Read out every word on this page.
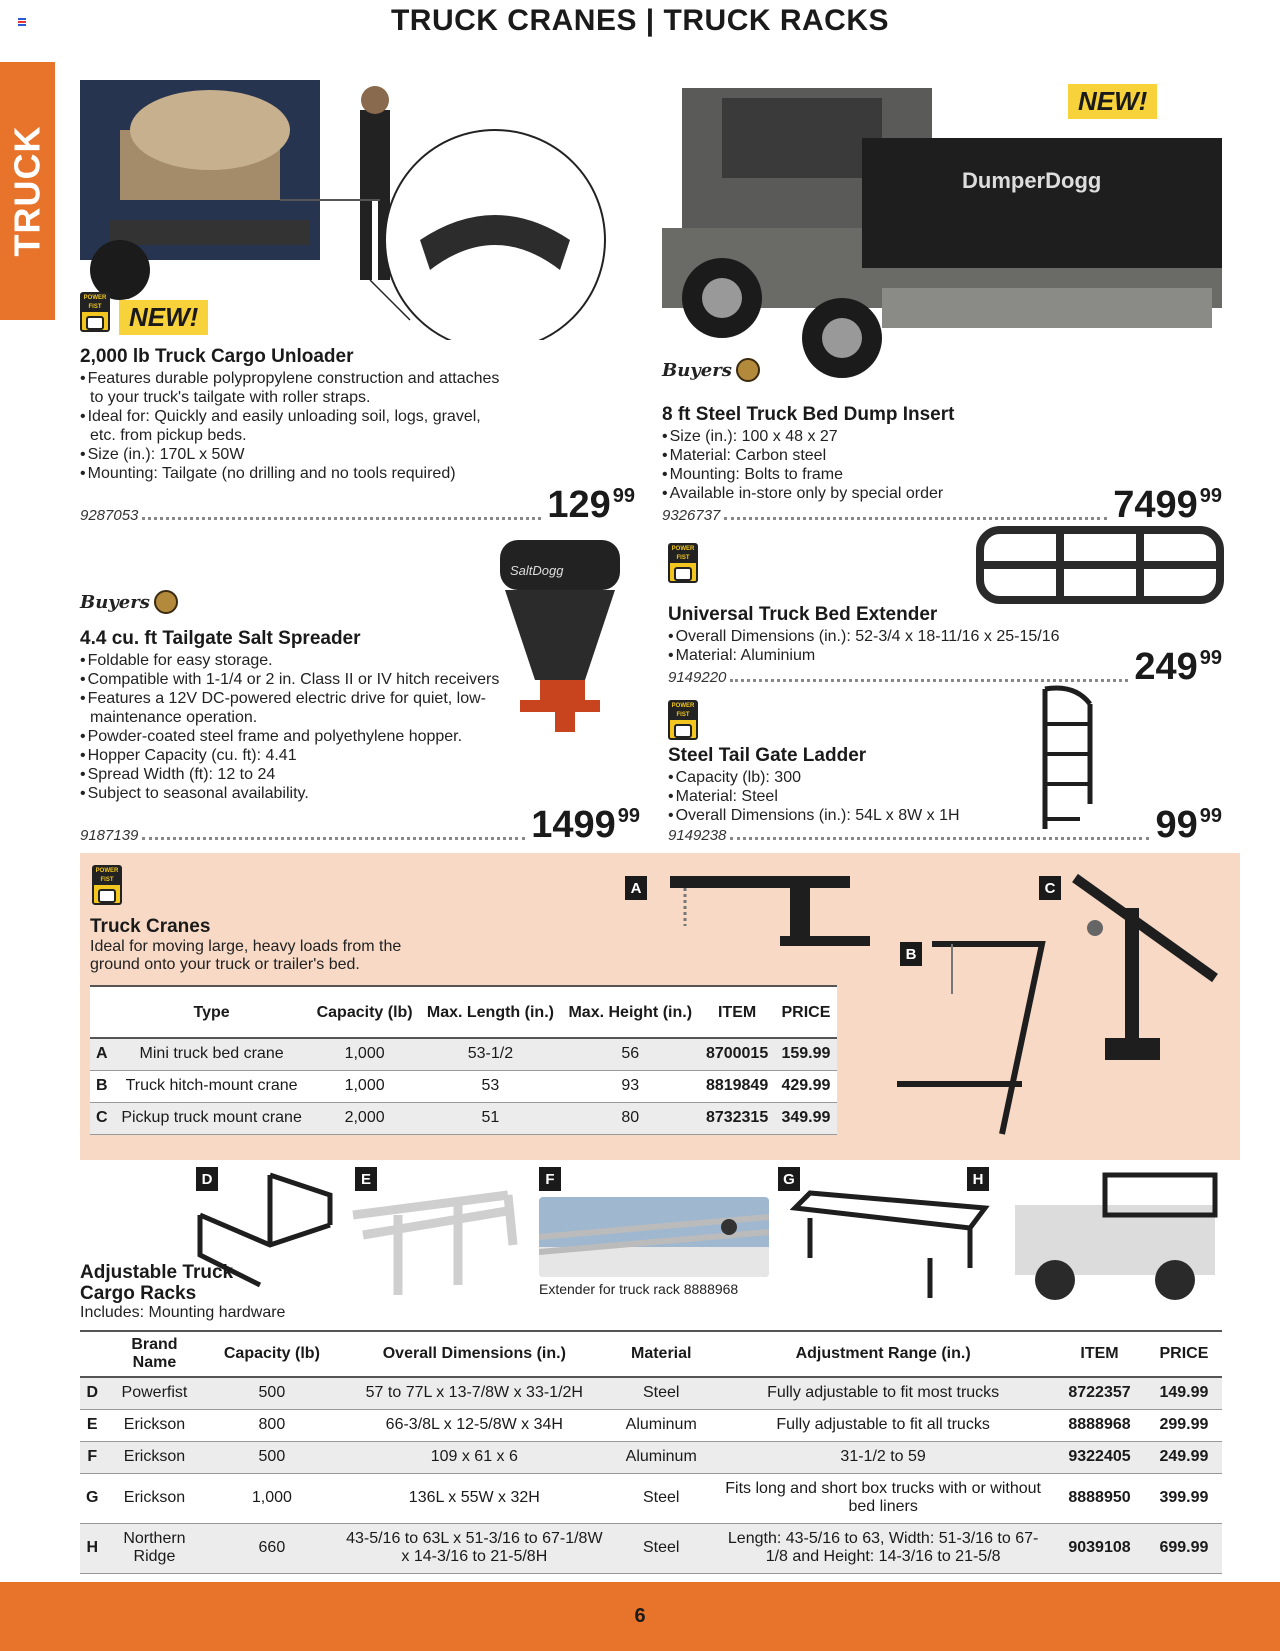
TRUCK CRANES | TRUCK RACKS
TRUCK
POWER FIST	NEW!
2,000 lb Truck Cargo Unloader
• Features durable polypropylene construction and attaches to your truck's tailgate with roller straps.
• Ideal for: Quickly and easily unloading soil, logs, gravel, etc. from pickup beds.
• Size (in.): 170L x 50W
• Mounting: Tailgate (no drilling and no tools required)
9287053	$129^{99}$
DumperDogg
NEW!
Buyers
8 ft Steel Truck Bed Dump Insert
• Size (in.): 100 x 48 x 27
• Material: Carbon steel
• Mounting: Bolts to frame
• Available in-store only by special order
9326737	7499$^{99}$
SaltDogg
Buyers
4.4 cu. ft Tailgate Salt Spreader
• Foldable for easy storage.
• Compatible with 1-1/4 or 2 in. Class II or IV hitch receivers
• Features a 12V DC-powered electric drive for quiet, low-maintenance operation.
• Powder-coated steel frame and polyethylene hopper.
• Hopper Capacity (cu. ft): 4.41
• Spread Width (ft): 12 to 24
• Subject to seasonal availability.
9187139	1499$^{99}$
POWER FIST
Universal Truck Bed Extender
• Overall Dimensions (in.): 52-3/4 x 18-11/16 x 25-15/16
• Material: Aluminium
9149220	$249^{99}$
POWER FIST
Steel Tail Gate Ladder
• Capacity (lb): 300
• Material: Steel
• Overall Dimensions (in.): 54L x 8W x 1H
9149238	$99^{99}$
POWER FIST
Truck Cranes

Ideal for moving large, heavy loads from the ground onto your truck or trailer's bed.

A
B
C
	Type	Capacity (lb)	Max. Length (in.)	Max. Height (in.)	ITEM	PRICE
A	Mini truck bed crane	1,000	53-1/2	56	8700015	159.99
B	Truck hitch-mount crane	1,000	53	93	8819849	429.99
C	Pickup truck mount crane	2,000	51	80	8732315	349.99
D	E	F
Extender for truck rack 8888968
G	H
Adjustable Truck Cargo Racks

Includes: Mounting hardware

	Brand Name	Capacity (lb)	Overall Dimensions (in.)	Material	Adjustment Range (in.)	ITEM	PRICE
D	Powerfist	500	57 to 77L x 13-7/8W x 33-1/2H	Steel	Fully adjustable to fit most trucks	8722357	149.99
E	Erickson	800	66-3/8L x 12-5/8W x 34H	Aluminum	Fully adjustable to fit all trucks	8888968	299.99
F	Erickson	500	109 x 61 x 6	Aluminum	31-1/2 to 59	9322405	249.99
G	Erickson	1,000	136L x 55W x 32H	Steel	Fits long and short box trucks with or without bed liners	8888950	399.99
H	Northern Ridge	660	43-5/16 to 63L x 51-3/16 to 67-1/8W x 14-3/16 to 21-5/8H	Steel	Length: 43-5/16 to 63, Width: 51-3/16 to 67-1/8 and Height: 14-3/16 to 21-5/8	9039108	699.99
6
